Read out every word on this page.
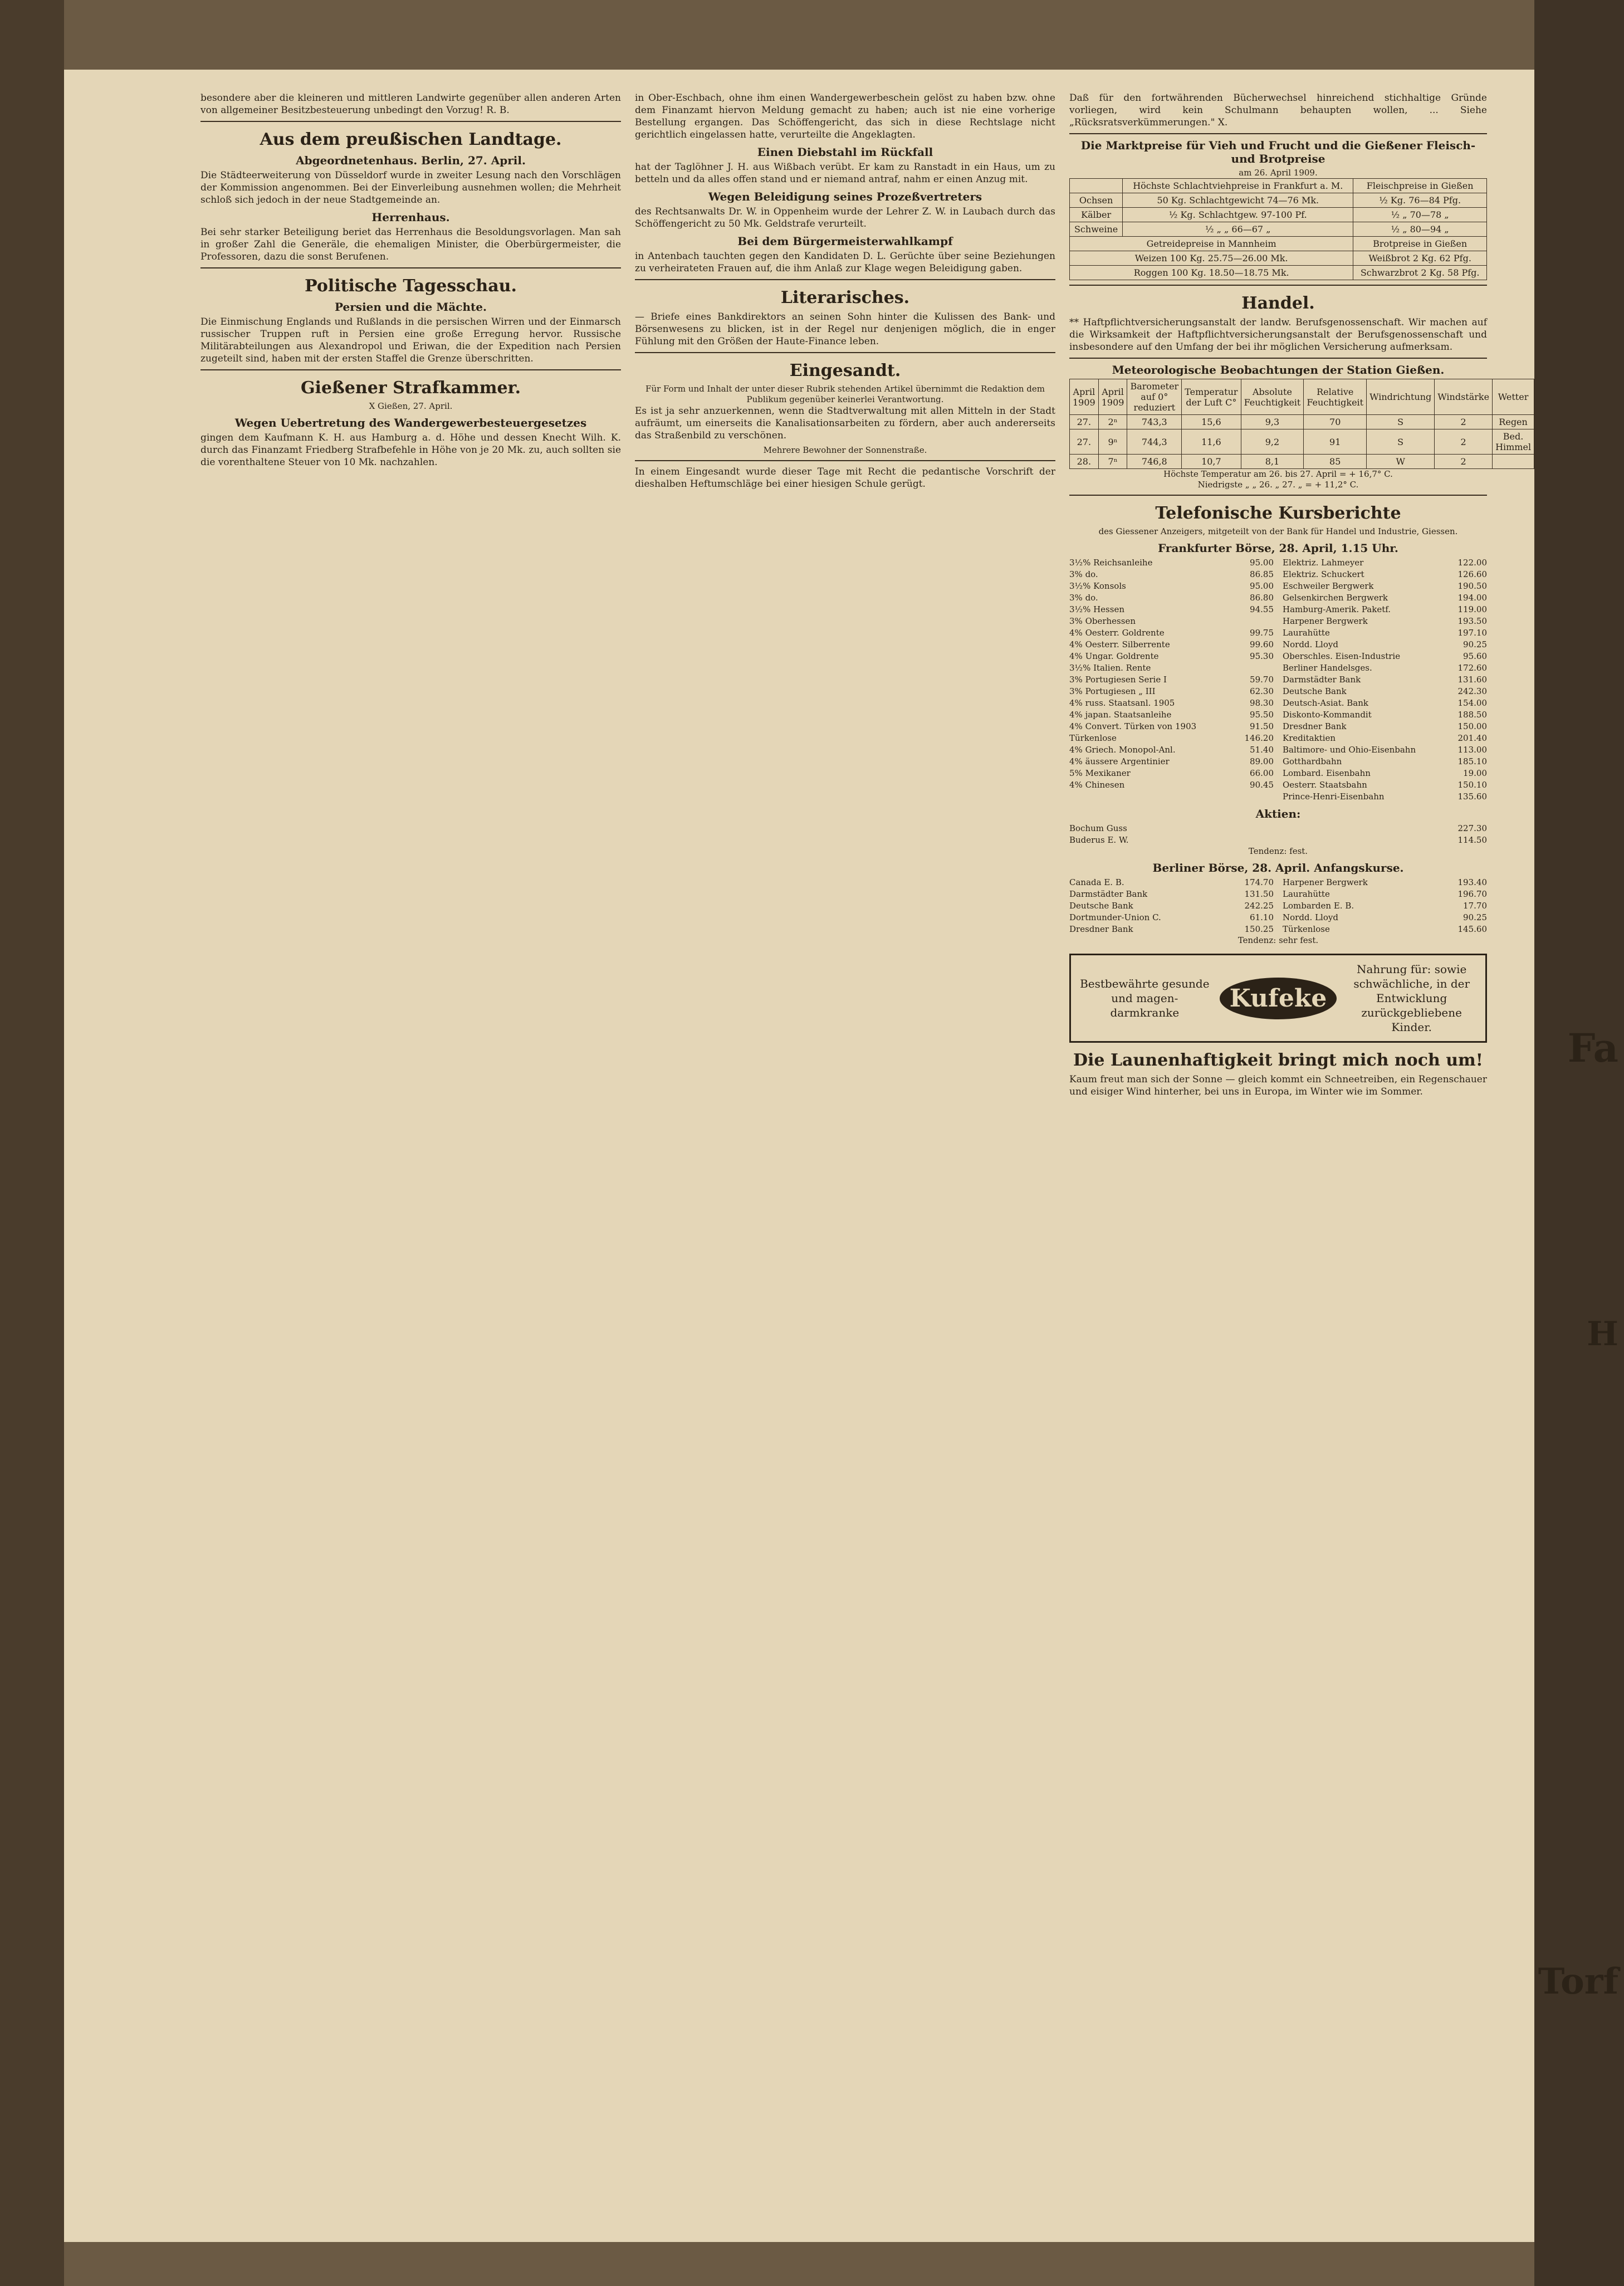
besondere aber die kleineren und mittleren Landwirte gegenüber allen anderen Arten von allgemeiner Besitzbesteuerung unbedingt den Vorzug! R. B.

Aus dem preußischen Landtage.
Abgeordnetenhaus. Berlin, 27. April.

Die Städteerweiterung von Düsseldorf wurde in zweiter Lesung nach den Vorschlägen der Kommission angenommen. Bei der Einverleibung ausnehmen wollen; die Mehrheit schloß sich jedoch in der neue Stadtgemeinde an.

Herrenhaus.

Bei sehr starker Beteiligung beriet das Herrenhaus die Besoldungsvorlagen. Man sah in großer Zahl die Generäle, die ehemaligen Minister, die Oberbürgermeister, die Professoren, dazu die sonst Berufenen.

Politische Tagesschau.
Persien und die Mächte.

Die Einmischung Englands und Rußlands in die persischen Wirren und der Einmarsch russischer Truppen ruft in Persien eine große Erregung hervor. Russische Militärabteilungen aus Alexandropol und Eriwan, die der Expedition nach Persien zugeteilt sind, haben mit der ersten Staffel die Grenze überschritten.

Gießener Strafkammer.

X Gießen, 27. April.

Wegen Uebertretung des Wandergewerbesteuergesetzes

gingen dem Kaufmann K. H. aus Hamburg a. d. Höhe und dessen Knecht Wilh. K. durch das Finanzamt Friedberg Strafbefehle in Höhe von je 20 Mk. zu, auch sollten sie die vorenthaltene Steuer von 10 Mk. nachzahlen.

in Ober-Eschbach, ohne ihm einen Wandergewerbeschein gelöst zu haben bzw. ohne dem Finanzamt hiervon Meldung gemacht zu haben; auch ist nie eine vorherige Bestellung ergangen. Das Schöffengericht, das sich in diese Rechtslage nicht gerichtlich eingelassen hatte, verurteilte die Angeklagten.

Einen Diebstahl im Rückfall

hat der Taglöhner J. H. aus Wißbach verübt. Er kam zu Ranstadt in ein Haus, um zu betteln und da alles offen stand und er niemand antraf, nahm er einen Anzug mit.

Wegen Beleidigung seines Prozeßvertreters

des Rechtsanwalts Dr. W. in Oppenheim wurde der Lehrer Z. W. in Laubach durch das Schöffengericht zu 50 Mk. Geldstrafe verurteilt.

Bei dem Bürgermeisterwahlkampf

in Antenbach tauchten gegen den Kandidaten D. L. Gerüchte über seine Beziehungen zu verheirateten Frauen auf, die ihm Anlaß zur Klage wegen Beleidigung gaben.

Literarisches.

— Briefe eines Bankdirektors an seinen Sohn hinter die Kulissen des Bank- und Börsenwesens zu blicken, ist in der Regel nur denjenigen möglich, die in enger Fühlung mit den Größen der Haute-Finance leben.

Eingesandt.

Für Form und Inhalt der unter dieser Rubrik stehenden Artikel übernimmt die Redaktion dem Publikum gegenüber keinerlei Verantwortung.

Es ist ja sehr anzuerkennen, wenn die Stadtverwaltung mit allen Mitteln in der Stadt aufräumt, um einerseits die Kanalisationsarbeiten zu fördern, aber auch andererseits das Straßenbild zu verschönen.

Mehrere Bewohner der Sonnenstraße.

In einem Eingesandt wurde dieser Tage mit Recht die pedantische Vorschrift der dieshalben Heftumschläge bei einer hiesigen Schule gerügt.

Daß für den fortwährenden Bücherwechsel hinreichend stichhaltige Gründe vorliegen, wird kein Schulmann behaupten wollen, ... Siehe „Rücksratsverkümmerungen." X.

Die Marktpreise für Vieh und Frucht und die Gießener Fleisch- und Brotpreise

am 26. April 1909.

	Höchste Schlachtviehpreise in Frankfurt a. M.	Fleischpreise in Gießen
Ochsen	50 Kg. Schlachtgewicht 74—76 Mk.	½ Kg. 76—84 Pfg.
Kälber	½ Kg. Schlachtgew. 97-100 Pf.	½ „ 70—78 „
Schweine	½ „ „ 66—67 „	½ „ 80—94 „
Getreidepreise in Mannheim		Brotpreise in Gießen
Weizen 100 Kg. 25.75—26.00 Mk.		Weißbrot 2 Kg. 62 Pfg.
Roggen 100 Kg. 18.50—18.75 Mk.		Schwarzbrot 2 Kg. 58 Pfg.
Handel.

** Haftpflichtversicherungsanstalt der landw. Berufsgenossenschaft. Wir machen auf die Wirksamkeit der Haftpflichtversicherungsanstalt der Berufsgenossenschaft und insbesondere auf den Umfang der bei ihr möglichen Versicherung aufmerksam.

Meteorologische Beobachtungen der Station Gießen.
April 1909	April 1909	Barometer auf 0° reduziert	Temperatur der Luft C°	Absolute Feuchtigkeit	Relative Feuchtigkeit	Windrichtung	Windstärke	Wetter
27.	2ⁿ	743,3	15,6	9,3	70	S	2	Regen
27.	9ⁿ	744,3	11,6	9,2	91	S	2	Bed. Himmel
28.	7ⁿ	746,8	10,7	8,1	85	W	2	

Höchste Temperatur am 26. bis 27. April = + 16,7° C.

Niedrigste „ „ 26. „ 27. „ = + 11,2° C.

Telefonische Kursberichte

des Giessener Anzeigers, mitgeteilt von der Bank für Handel und Industrie, Giessen.

Frankfurter Börse, 28. April, 1.15 Uhr.
3½% Reichsanleihe	95.00
3% do.	86.85
3½% Konsols	95.00
3% do.	86.80
3½% Hessen	94.55
3% Oberhessen
4% Oesterr. Goldrente	99.75
4% Oesterr. Silberrente	99.60
4% Ungar. Goldrente	95.30
3½% Italien. Rente
3% Portugiesen Serie I	59.70
3% Portugiesen „ III	62.30
4% russ. Staatsanl. 1905	98.30
4% japan. Staatsanleihe	95.50
4% Convert. Türken von 1903	91.50
Türkenlose	146.20
4% Griech. Monopol-Anl.	51.40
4% äussere Argentinier	89.00
5% Mexikaner	66.00
4% Chinesen	90.45
Elektriz. Lahmeyer	122.00
Elektriz. Schuckert	126.60
Eschweiler Bergwerk	190.50
Gelsenkirchen Bergwerk	194.00
Hamburg-Amerik. Paketf.	119.00
Harpener Bergwerk	193.50
Laurahütte	197.10
Nordd. Lloyd	90.25
Oberschles. Eisen-Industrie	95.60
Berliner Handelsges.	172.60
Darmstädter Bank	131.60
Deutsche Bank	242.30
Deutsch-Asiat. Bank	154.00
Diskonto-Kommandit	188.50
Dresdner Bank	150.00
Kreditaktien	201.40
Baltimore- und Ohio-Eisenbahn	113.00
Gotthardbahn	185.10
Lombard. Eisenbahn	19.00
Oesterr. Staatsbahn	150.10
Prince-Henri-Eisenbahn	135.60
Aktien:
Bochum Guss	227.30
Buderus E. W.	114.50

Tendenz: fest.

Berliner Börse, 28. April. Anfangskurse.
Canada E. B.	174.70
Darmstädter Bank	131.50
Deutsche Bank	242.25
Dortmunder-Union C.	61.10
Dresdner Bank	150.25
Harpener Bergwerk	193.40
Laurahütte	196.70
Lombarden E. B.	17.70
Nordd. Lloyd	90.25
Türkenlose	145.60

Tendenz: sehr fest.

Bestbewährte gesunde und magen-darmkranke
Kufeke
Nahrung für: sowie schwächliche, in der Entwicklung zurückgebliebene Kinder.
Die Launenhaftigkeit bringt mich noch um!

Kaum freut man sich der Sonne — gleich kommt ein Schneetreiben, ein Regenschauer und eisiger Wind hinterher, bei uns in Europa, im Winter wie im Sommer.

Fa
H
Torf
